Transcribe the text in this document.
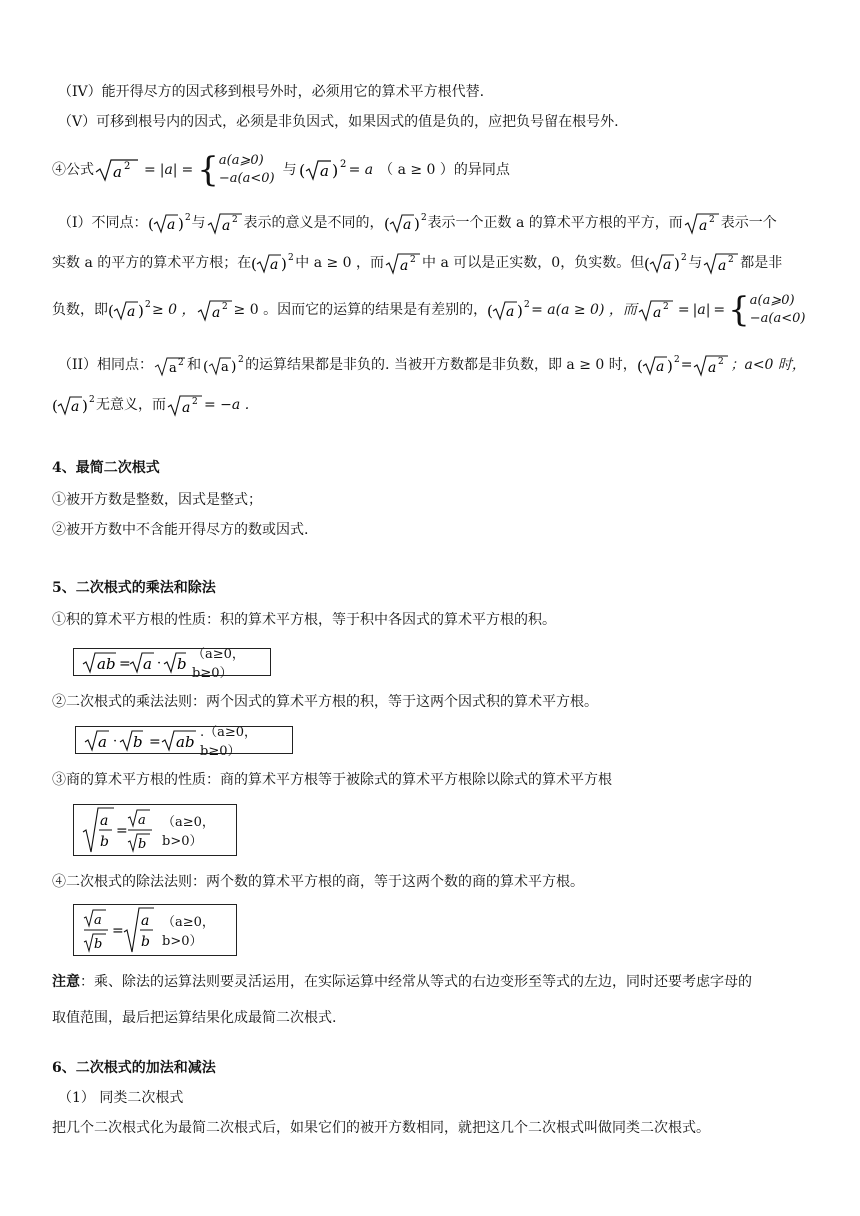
（IV）能开得尽方的因式移到根号外时，必须用它的算术平方根代替.
（V）可移到根号内的因式，必须是非负因式，如果因式的值是负的，应把负号留在根号外.
④公式 a 2 = |a| = { a(a⩾0)
−a(a<0)
与 ( a ) 2 = a （ a ≥ 0 ）的异同点
（I）不同点： ( a ) 2 与 a 2 表示的意义是不同的， ( a ) 2 表示一个正数 a 的算术平方根的平方，而 a 2 表示一个
实数 a 的平方的算术平方根；在 ( a ) 2 中 a ≥ 0 ，而 a 2 中 a 可以是正实数，0，负实数。但 ( a ) 2 与 a 2 都是非
负数，即 ( a ) 2 ≥ 0 ， a 2 ≥ 0 。因而它的运算的结果是有差别的， ( a ) 2 = a(a ≥ 0) ，而 a 2 = |a| = { a(a⩾0)
−a(a<0)
（II）相同点： a 2 和 ( a ) 2 的运算结果都是非负的. 当被开方数都是非负数，即 a ≥ 0 时， ( a ) 2 = a 2 ；a<0 时，
( a ) 2 无意义，而 a 2 = −a .
4、最简二次根式
①被开方数是整数，因式是整式；
②被开方数中不含能开得尽方的数或因式.
5、二次根式的乘法和除法
①积的算术平方根的性质：积的算术平方根，等于积中各因式的算术平方根的积。
ab = a · b
（a≥0，b≥0）
②二次根式的乘法法则：两个因式的算术平方根的积，等于这两个因式积的算术平方根。
a · b = ab
.（a≥0，b≥0）
③商的算术平方根的性质：商的算术平方根等于被除式的算术平方根除以除式的算术平方根
a
b
=
a
b
（a≥0，b>0）
④二次根式的除法法则：两个数的算术平方根的商，等于这两个数的商的算术平方根。
a
b
=
a
b
（a≥0，b>0）
注意：乘、除法的运算法则要灵活运用，在实际运算中经常从等式的右边变形至等式的左边，同时还要考虑字母的
取值范围，最后把运算结果化成最简二次根式.
6、二次根式的加法和减法
（1） 同类二次根式
把几个二次根式化为最简二次根式后，如果它们的被开方数相同，就把这几个二次根式叫做同类二次根式。
